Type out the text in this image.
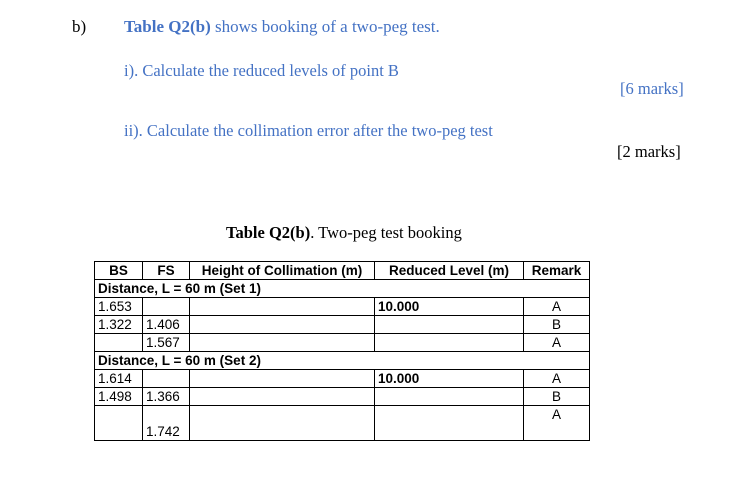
b) Table Q2(b) shows booking of a two-peg test.
i). Calculate the reduced levels of point B
[6 marks]
ii). Calculate the collimation error after the two-peg test
[2 marks]
Table Q2(b). Two-peg test booking
BS	FS	Height of Collimation (m)	Reduced Level (m)	Remark
Distance, L = 60 m (Set 1)				
1.653			10.000	A
1.322	1.406			B
	1.567			A
Distance, L = 60 m (Set 2)				
1.614			10.000	A
1.498	1.366			B
	1.742			A
